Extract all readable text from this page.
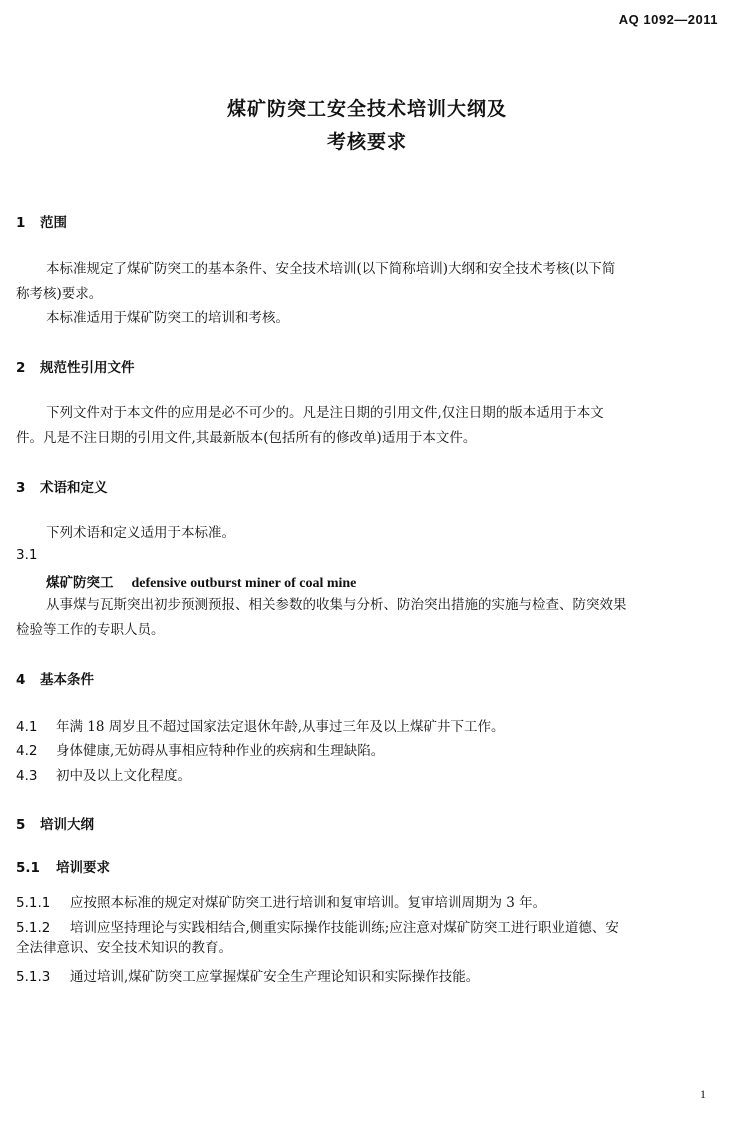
AQ 1092—2011
煤矿防突工安全技术培训大纲及
考核要求
1 范围
本标准规定了煤矿防突工的基本条件、安全技术培训(以下简称培训)大纲和安全技术考核(以下简
称考核)要求。
本标准适用于煤矿防突工的培训和考核。
2 规范性引用文件
下列文件对于本文件的应用是必不可少的。凡是注日期的引用文件,仅注日期的版本适用于本文
件。凡是不注日期的引用文件,其最新版本(包括所有的修改单)适用于本文件。
3 术语和定义
下列术语和定义适用于本标准。
3.1
煤矿防突工 defensive outburst miner of coal mine
从事煤与瓦斯突出初步预测预报、相关参数的收集与分析、防治突出措施的实施与检查、防突效果
检验等工作的专职人员。
4 基本条件
4.1 年满 18 周岁且不超过国家法定退休年龄,从事过三年及以上煤矿井下工作。
4.2 身体健康,无妨碍从事相应特种作业的疾病和生理缺陷。
4.3 初中及以上文化程度。
5 培训大纲
5.1 培训要求
5.1.1 应按照本标准的规定对煤矿防突工进行培训和复审培训。复审培训周期为 3 年。
5.1.2 培训应坚持理论与实践相结合,侧重实际操作技能训练;应注意对煤矿防突工进行职业道德、安
全法律意识、安全技术知识的教育。
5.1.3 通过培训,煤矿防突工应掌握煤矿安全生产理论知识和实际操作技能。
1
